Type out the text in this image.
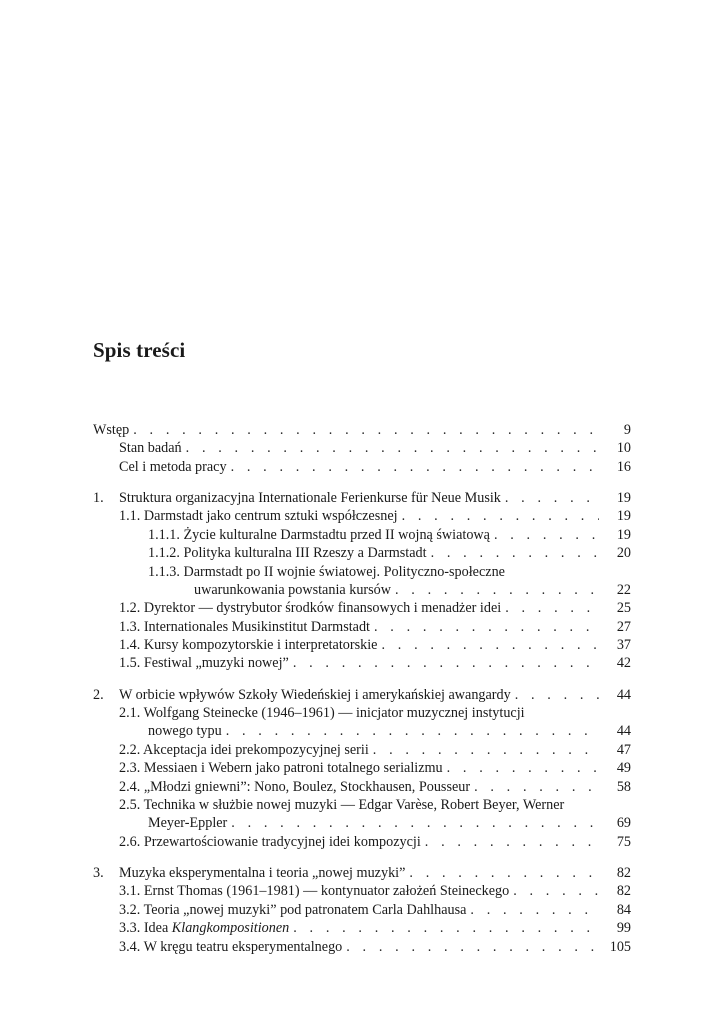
Spis treści
Wstęp . . .	9
Stan badań . . .	10
Cel i metoda pracy . . .	16
1. Struktura organizacyjna Internationale Ferienkurse für Neue Musik . . .	19
1.1. Darmstadt jako centrum sztuki współczesnej . . .	19
1.1.1. Życie kulturalne Darmstadtu przed II wojną światową . . .	19
1.1.2. Polityka kulturalna III Rzeszy a Darmstadt . . .	20
1.1.3. Darmstadt po II wojnie światowej. Polityczno-społeczne
uwarunkowania powstania kursów . . .	22
1.2. Dyrektor — dystrybutor środków finansowych i menadżer idei . . .	25
1.3. Internationales Musikinstitut Darmstadt . . .	27
1.4. Kursy kompozytorskie i interpretatorskie . . .	37
1.5. Festiwal „muzyki nowej” . . .	42
2. W orbicie wpływów Szkoły Wiedeńskiej i amerykańskiej awangardy . . .	44
2.1. Wolfgang Steinecke (1946–1961) — inicjator muzycznej instytucji
nowego typu . . .	44
2.2. Akceptacja idei prekompozycyjnej serii . . .	47
2.3. Messiaen i Webern jako patroni totalnego serializmu . . .	49
2.4. „Młodzi gniewni”: Nono, Boulez, Stockhausen, Pousseur . . .	58
2.5. Technika w służbie nowej muzyki — Edgar Varèse, Robert Beyer, Werner
Meyer-Eppler . . .	69
2.6. Przewartościowanie tradycyjnej idei kompozycji . . .	75
3. Muzyka eksperymentalna i teoria „nowej muzyki” . . .	82
3.1. Ernst Thomas (1961–1981) — kontynuator założeń Steineckego . . .	82
3.2. Teoria „nowej muzyki” pod patronatem Carla Dahlhausa . . .	84
3.3. Idea Klangkompositionen . . .	99
3.4. W kręgu teatru eksperymentalnego . . .	105
